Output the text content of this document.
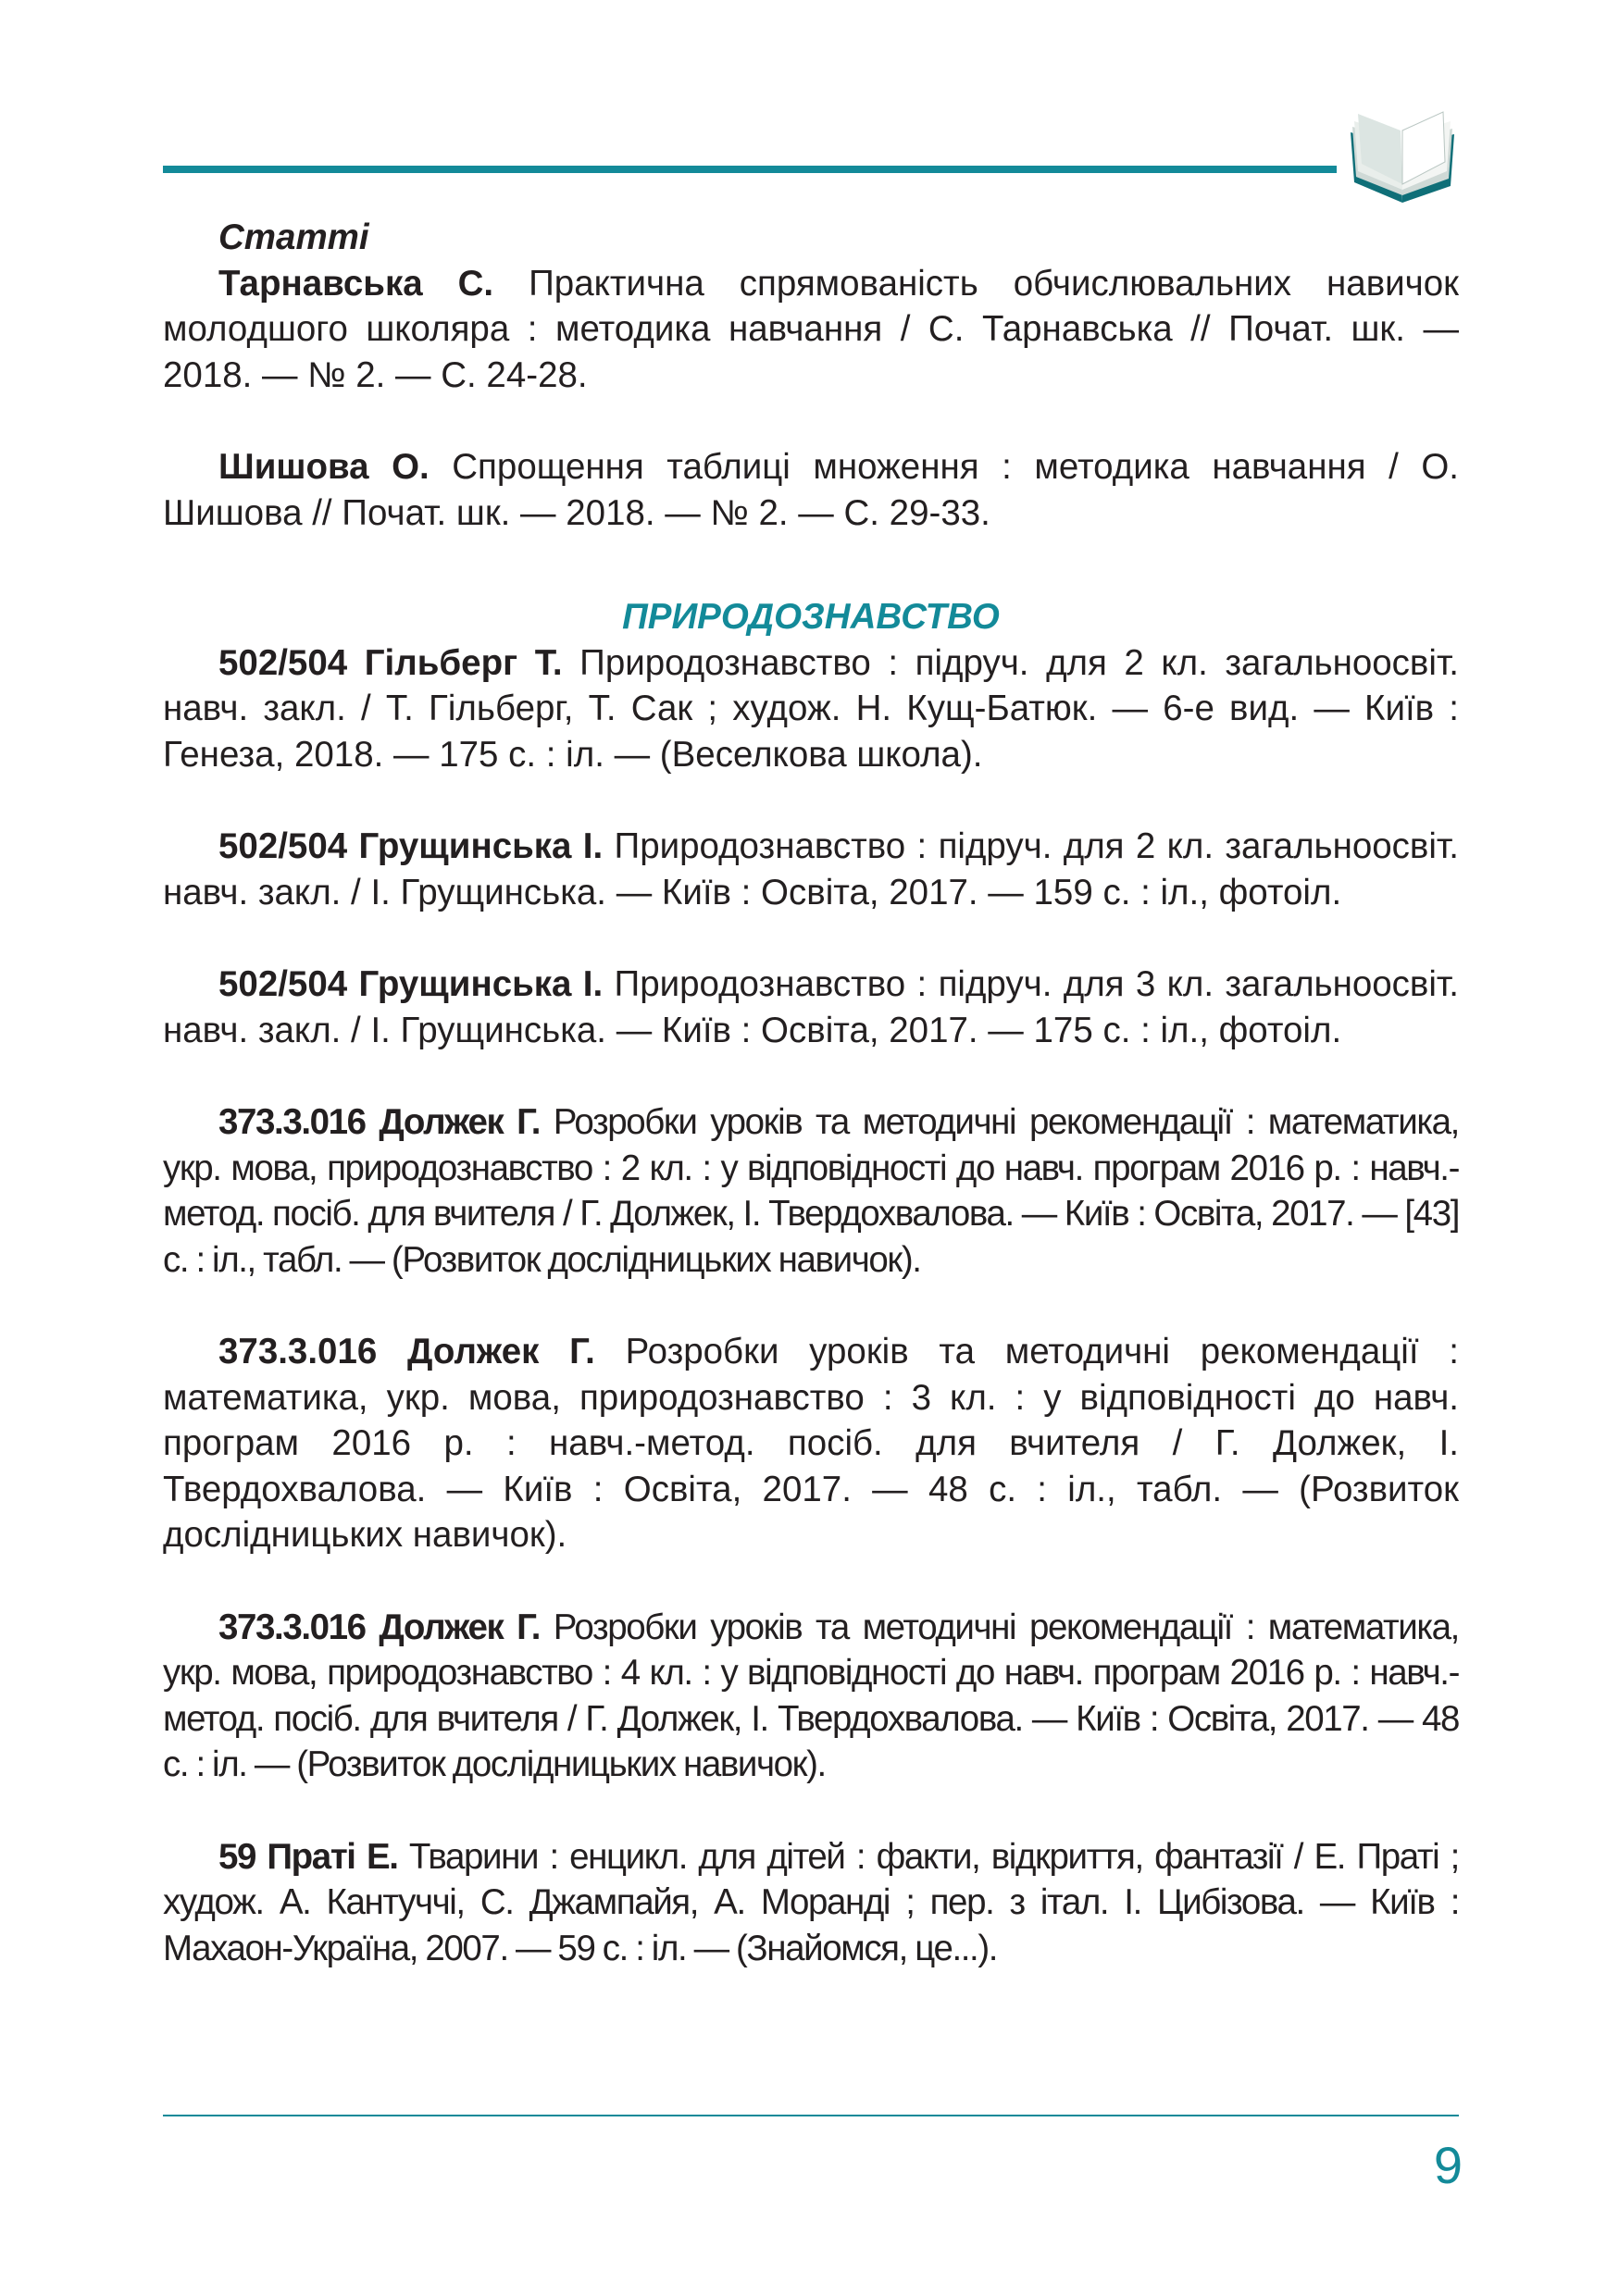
Статті

Тарнавська С. Практична спрямованість обчислювальних навичок молодшого школяра : методика навчання / С. Тарнавська // Почат. шк. — 2018. — № 2. — С. 24-28.

Шишова О. Спрощення таблиці множення : методика навчання / О. Шишова // Почат. шк. — 2018. — № 2. — С. 29-33.

ПРИРОДОЗНАВСТВО

502/504 Гільберг Т. Природознавство : підруч. для 2 кл. загальноосвіт. навч. закл. / Т. Гільберг, Т. Сак ; худож. Н. Кущ-Батюк. — 6-е вид. — Київ : Генеза, 2018. — 175 с. : іл. — (Веселкова школа).

502/504 Грущинська І. Природознавство : підруч. для 2 кл. загальноосвіт. навч. закл. / І. Грущинська. — Київ : Освіта, 2017. — 159 с. : іл., фотоіл.

502/504 Грущинська І. Природознавство : підруч. для 3 кл. загальноосвіт. навч. закл. / І. Грущинська. — Київ : Освіта, 2017. — 175 с. : іл., фотоіл.

373.3.016 Должек Г. Розробки уроків та методичні рекомендації : математика, укр. мова, природознавство : 2 кл. : у відповідності до навч. програм 2016 р. : навч.-метод. посіб. для вчителя / Г. Должек, І. Твердохвалова. — Київ : Освіта, 2017. — [43] с. : іл., табл. — (Розвиток дослідницьких навичок).

373.3.016 Должек Г. Розробки уроків та методичні рекомендації : математика, укр. мова, природознавство : 3 кл. : у відповідності до навч. програм 2016 р. : навч.-метод. посіб. для вчителя / Г. Должек, І. Твердохвалова. — Київ : Освіта, 2017. — 48 с. : іл., табл. — (Розвиток дослідницьких навичок).

373.3.016 Должек Г. Розробки уроків та методичні рекомендації : математика, укр. мова, природознавство : 4 кл. : у відповідності до навч. програм 2016 р. : навч.-метод. посіб. для вчителя / Г. Должек, І. Твердохвалова. — Київ : Освіта, 2017. — 48 с. : іл. — (Розвиток дослідницьких навичок).

59 Праті Е. Тварини : енцикл. для дітей : факти, відкриття, фантазії / Е. Праті ; худож. А. Кантуччі, С. Джампайя, А. Моранді ; пер. з італ. І. Цибізова. — Київ : Махаон-Україна, 2007. — 59 с. : іл. — (Знайомся, це...).

9
